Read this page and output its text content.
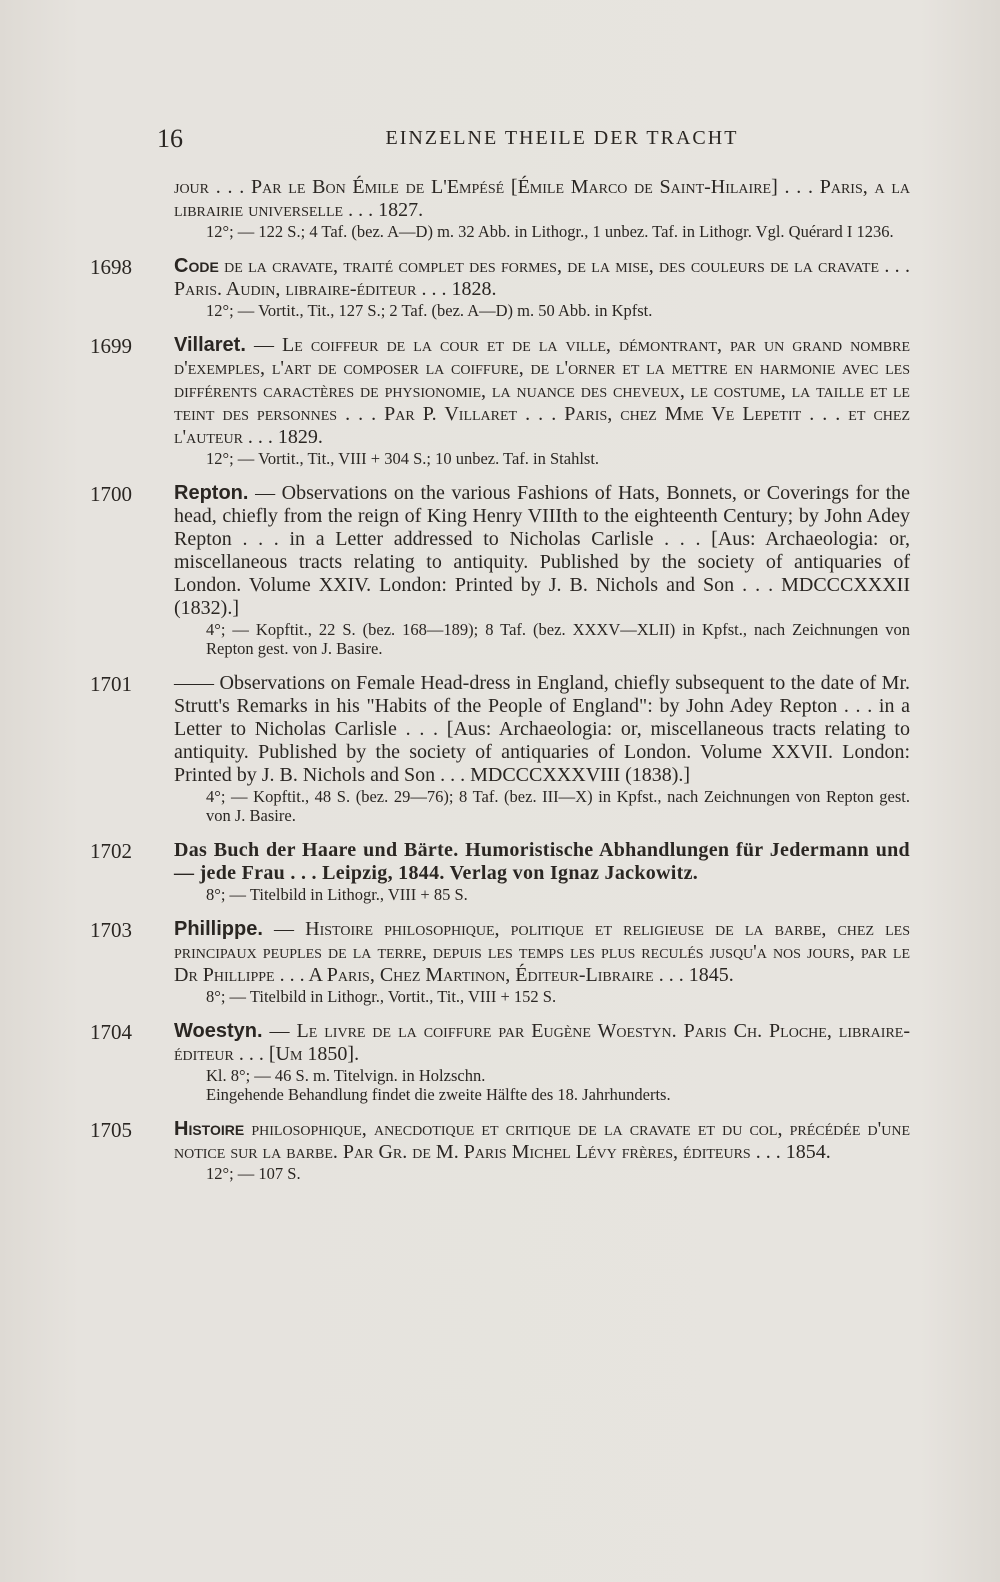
16	EINZELNE THEILE DER TRACHT
jour . . . Par le Bon Émile de L'Empésé [Émile Marco de Saint-Hilaire] . . . Paris, a la librairie universelle . . . 1827.
12°; — 122 S.; 4 Taf. (bez. A—D) m. 32 Abb. in Lithogr., 1 unbez. Taf. in Lithogr. Vgl. Quérard I 1236.
1698 Code de la cravate, traité complet des formes, de la mise, des couleurs de la cravate . . . Paris. Audin, libraire-éditeur . . . 1828.
12°; — Vortit., Tit., 127 S.; 2 Taf. (bez. A—D) m. 50 Abb. in Kpfst.
1699 Villaret. — Le coiffeur de la cour et de la ville, démontrant, par un grand nombre d'exemples, l'art de composer la coiffure, de l'orner et la mettre en harmonie avec les différents caractères de physionomie, la nuance des cheveux, le costume, la taille et le teint des personnes . . . Par P. Villaret . . . Paris, chez Mme Ve Lepetit . . . et chez l'auteur . . . 1829.
12°; — Vortit., Tit., VIII + 304 S.; 10 unbez. Taf. in Stahlst.
1700 Repton. — Observations on the various Fashions of Hats, Bonnets, or Coverings for the head, chiefly from the reign of King Henry VIIIth to the eighteenth Century; by John Adey Repton . . . in a Letter addressed to Nicholas Carlisle . . . [Aus: Archaeologia: or, miscellaneous tracts relating to antiquity. Published by the society of antiquaries of London. Volume XXIV. London: Printed by J. B. Nichols and Son . . . MDCCCXXXII (1832).]
4°; — Kopftit., 22 S. (bez. 168—189); 8 Taf. (bez. XXXV—XLII) in Kpfst., nach Zeichnungen von Repton gest. von J. Basire.
1701 —— Observations on Female Head-dress in England, chiefly subsequent to the date of Mr. Strutt's Remarks in his "Habits of the People of England": by John Adey Repton . . . in a Letter to Nicholas Carlisle . . . [Aus: Archaeologia: or, miscellaneous tracts relating to antiquity. Published by the society of antiquaries of London. Volume XXVII. London: Printed by J. B. Nichols and Son . . . MDCCCXXXVIII (1838).]
4°; — Kopftit., 48 S. (bez. 29—76); 8 Taf. (bez. III—X) in Kpfst., nach Zeichnungen von Repton gest. von J. Basire.
1702 Das Buch der Haare und Bärte. Humoristische Abhandlungen für Jedermann und — jede Frau . . . Leipzig, 1844. Verlag von Ignaz Jackowitz.
8°; — Titelbild in Lithogr., VIII + 85 S.
1703 Phillippe. — Histoire philosophique, politique et religieuse de la barbe, chez les principaux peuples de la terre, depuis les temps les plus reculés jusqu'a nos jours, par le Dr Phillippe . . . A Paris, Chez Martinon, Éditeur-Libraire . . . 1845.
8°; — Titelbild in Lithogr., Vortit., Tit., VIII + 152 S.
1704 Woestyn. — Le livre de la coiffure par Eugène Woestyn. Paris Ch. Ploche, libraire-éditeur . . . [Um 1850].
Kl. 8°; — 46 S. m. Titelvign. in Holzschn.
Eingehende Behandlung findet die zweite Hälfte des 18. Jahrhunderts.
1705 Histoire philosophique, anecdotique et critique de la cravate et du col, précédée d'une notice sur la barbe. Par Gr. de M. Paris Michel Lévy frères, éditeurs . . . 1854.
12°; — 107 S.
